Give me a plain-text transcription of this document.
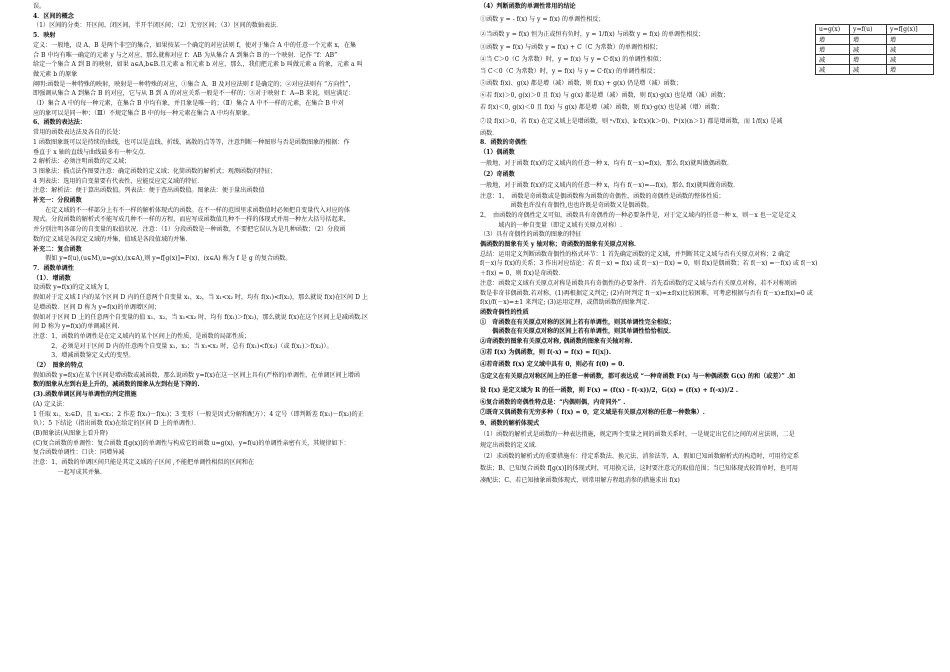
误。
4．区间的概念
（1）区间的分类：开区间、闭区间、半开半闭区间；（2）无穷区间；（3）区间的数轴表法．
5．映射
定义：一般地，设 A、B 是两个非空的集合，如果按某一个确定的对应法则 f，使对于集合 A 中的任意一个元素 x，在集
合 B 中均有唯一确定的元素 y 与之对应，那么就称对应 f：AB 为从集合 A 到集合 B 的一个映射．记作 “f：AB”
给定一个集合 A 到 B 的映射，如果 a∈A,b∈B.且元素 a 和元素 b 对应，那么，我们把元素 b 叫做元素 a 的象，元素 a 叫
做元素 b 的原象
阐明:函数是一种特殊的映射，映射是一种特殊的对应，①集合 A、B 及对应法则 f 是确定的；②对应法则有 “方向性”，
即强调从集合 A 到集合 B 的对应，它与从 B 到 A 的对应关系一般是不一样的；③对于映射 f：A→B 来说，则应满足：
（Ⅰ）集合 A 中的每一种元素，在集合 B 中均有象，并且象是唯一的；（Ⅱ）集合 A 中不一样的元素，在集合 B 中对
应的象可以是同一种；（Ⅲ）不规定集合 B 中的每一种元素在集合 A 中均有原象。
6、函数的表达法：
常用的函数表达法及各自的长处：
1 函数图象既可以是持续的曲线，也可以是直线、折线、离散的点等等，注意判断一种图形与否是函数图象的根据：作
垂直于 x 轴的直线与曲线最多有一种交点．
2 解析法：必须注明函数的定义域；
3 图象法：描点法作图要注意：确定函数的定义域；化简函数的解析式；观测函数的特征；
4 列表法：选用的自变量要有代表性，应能反应定义域的特征．
注意：解析法：便于算出函数值。列表法：便于查出函数值。图象法：便于量出函数值
补充一：分段函数
　　在定义域的不一样部分上有不一样的解析体现式的函数。在不一样的范围里求函数值时必须把自变量代入对应的体
现式。分段函数的解析式不能写成几种不一样的方程，而应写成函数值几种不一样的体现式并用一种左大括号括起来，
并分别注明各部分的自变量的取值状况．注意：（1）分段函数是一种函数，不要把它误认为是几种函数；（2）分段函
数的定义域是各段定义域的并集，值域是各段值域的并集．
补充二：复合函数
　　假如 y=f(u),(u∈M),u=g(x),(x∈A),则 y=f[g(x)]=F(x)，(x∈A) 称为 f 是 g 的复合函数。
7．函数单调性
（1）．增函数
设函数 y=f(x)的定义域为 I，
假如对于定义域 I 内的某个区间 D 内的任意两个自变量 x₁，x₂，当 x₁<x₂ 时，均有 f(x₁)<f(x₂)，那么就说 f(x)在区间 D 上
是增函数．区间 D 称为 y=f(x)的单调增区间；
假如对于区间 D 上的任意两个自变量的值 x₁，x₂，当 x₁<x₂ 时，均有 f(x₁)＞f(x₂)，那么就说 f(x)在这个区间上是减函数.区
间 D 称为 y=f(x)的单调减区间.
注意：1、函数的单调性是在定义域内的某个区间上的性质，是函数的局部性质；
　　　2、必须是对于区间 D 内的任意两个自变量 x₁，x₂；当 x₁<x₂ 时，总有 f(x₁)<f(x₂)（或 f(x₁)＞f(x₂)）。
　　　3、增减函数鉴定义式的变型。
（2）　图象的特点
假如函数 y=f(x)在某个区间是增函数或减函数，那么说函数 y=f(x)在这一区间上具有(严格的)单调性，在单调区间上增函
数的图象从左到右是上升的，减函数的图象从左到右是下降的.
(3).函数单调区间与单调性的判定措施
(A) 定义法：
1 任取 x₁，x₂∈D，且 x₁<x₂；2 作差 f(x₁)－f(x₂)；3 变形（一般是因式分解和配方）；4 定号（即判断差 f(x₁)－f(x₂)的正
负）；5 下结论（指出函数 f(x)在给定的区间 D 上的单调性）．
(B)图象法(从图象上看升降)
(C)复合函数的单调性：复合函数 f[g(x)]的单调性与构成它的函数 u=g(x)，y=f(u)的单调性亲密有关，其规律如下：
复合函数单调性：口诀：同增异减
注意：1、函数的单调区间只能是其定义域的子区间 ,不能把单调性相似的区间和在
　　　　一起写成其并集.
（4）判断函数的单调性常用的结论
①函数 y = - f(x) 与 y = f(x) 的单调性相反；
②当函数 y = f(x) 恒为正或恒有负时，y = 1/f(x) 与函数 y = f(x) 的单调性相反；
③函数 y = f(x) 与函数 y = f(x) + C（C 为常数）的单调性相似；
④当 C＞0（C 为常数）时，y = f(x) 与 y = C·f(x) 的单调性相似；
当 C＜0（C 为常数）时，y = f(x) 与 y = C·f(x) 的单调性相反；
⑤函数 f(x)、g(x) 都是增（减）函数，则 f(x) + g(x) 仍是增（减）函数；
⑥若 f(x)＞0, g(x)＞0 且 f(x) 与 g(x) 都是增（减）函数，则 f(x)·g(x) 也是增（减）函数；
若 f(x)＜0, g(x)＜0 且 f(x) 与 g(x) 都是增（减）函数，则 f(x)·g(x) 也是减（增）函数；
⑦设 f(x)＞0，若 f(x) 在定义域上是增函数，则 ⁿ√f(x)、k·f(x)(k＞0)、fⁿ(x)(n＞1) 都是增函数，而 1/f(x) 是减
函数．
8．函数的奇偶性
（1）偶函数
一般地，对于函数 f(x)的定义域内的任意一种 x，均有 f(－x)=f(x)，那么 f(x)就叫做偶函数．
（2）奇函数
一般地，对于函数 f(x)的定义域内的任意一种 x，均有 f(－x)=—f(x)，那么 f(x)就叫做奇函数．
注意：1、　函数是奇函数或是偶函数称为函数的奇偶性，函数的奇偶性是函数的整体性质；
　　　　　函数也许没有奇偶性,也也许既是奇函数又是偶函数。
2、　由函数的奇偶性定义可知，函数具有奇偶性的一种必要条件是，对于定义域内的任意一种 x，则－x 也一定是定义
　　　域内的一种自变量（即定义域有关原点对称）.
（3）具有奇偶性的函数的图象的特征
偶函数的图象有关 y 轴对称；奇函数的图象有关原点对称．
总结：运用定义判断函数奇偶性的格式环节：1 首先确定函数的定义域，并判断其定义域与否有关原点对称；2 确定
f(－x)与 f(x)的关系；3 作出对应结论：若 f(－x) = f(x) 或 f(－x)－f(x) = 0，则 f(x)是偶函数；若 f(－x) =－f(x) 或 f(－x)
＋f(x) = 0，则 f(x)是奇函数．
注意：函数定义域有关原点对称是函数具有奇偶性的必要条件．首先看函数的定义域与否有关原点对称，若不对称则函
数是非奇非偶函数.若对称，(1)再根据定义判定; (2)有时判定 f(－x)=±f(x)比较困难，可考虑根据与否有 f(－x)±f(x)=0 或
f(x)/f(－x)=±1 来判定; (3)运用定理，或借助函数的图象判定．
函数奇偶性的性质
①　奇函数在有关原点对称的区间上若有单调性，则其单调性完全相似；
　　偶函数在有关原点对称的区间上若有单调性，则其单调性恰恰相反.
②奇函数的图象有关原点对称, 偶函数的图象有关轴对称.
③若 f(x) 为偶函数，则 f(-x) = f(x) = f(|x|).
④若奇函数 f(x) 定义域中具有 0，则必有 f(0) = 0.
⑤定义在有关原点对称区间上的任意一种函数，都可表达成 “一种奇函数 F(x) 与一种偶函数 G(x) 的和（或差）” .如
设 f(x) 是定义域为 R 的任一函数，则 F(x) = (f(x) - f(-x))/2，G(x) = (f(x) + f(-x))/2 .
⑥复合函数的奇偶性特点是：“内偶则偶，内奇同外” .
⑦既奇又偶函数有无穷多种（ f(x) = 0，定义域是有关原点对称的任意一种数集）.
9、函数的解析体现式
（1）函数的解析式是函数的一种表达措施，规定两个变量之间的函数关系时，一是规定出它们之间的对应法则，二是
规定出函数的定义域.
（2）求函数的解析式的重要措施有：待定系数法、换元法、消参法等，A、假如已知函数解析式的构造时，可用待定系
数法；B、已知复合函数 f[g(x)]的体现式时，可用换元法，这时要注意元的取值范围；当已知体现式较简单时，也可用
凑配法；C、若已知抽象函数体现式，则常用解方程组消参的措施求出 f(x)
u=g(x)	y=f(u)	y=f[g(x)]
增	增	增
增	减	减
减	增	减
减	减	增
